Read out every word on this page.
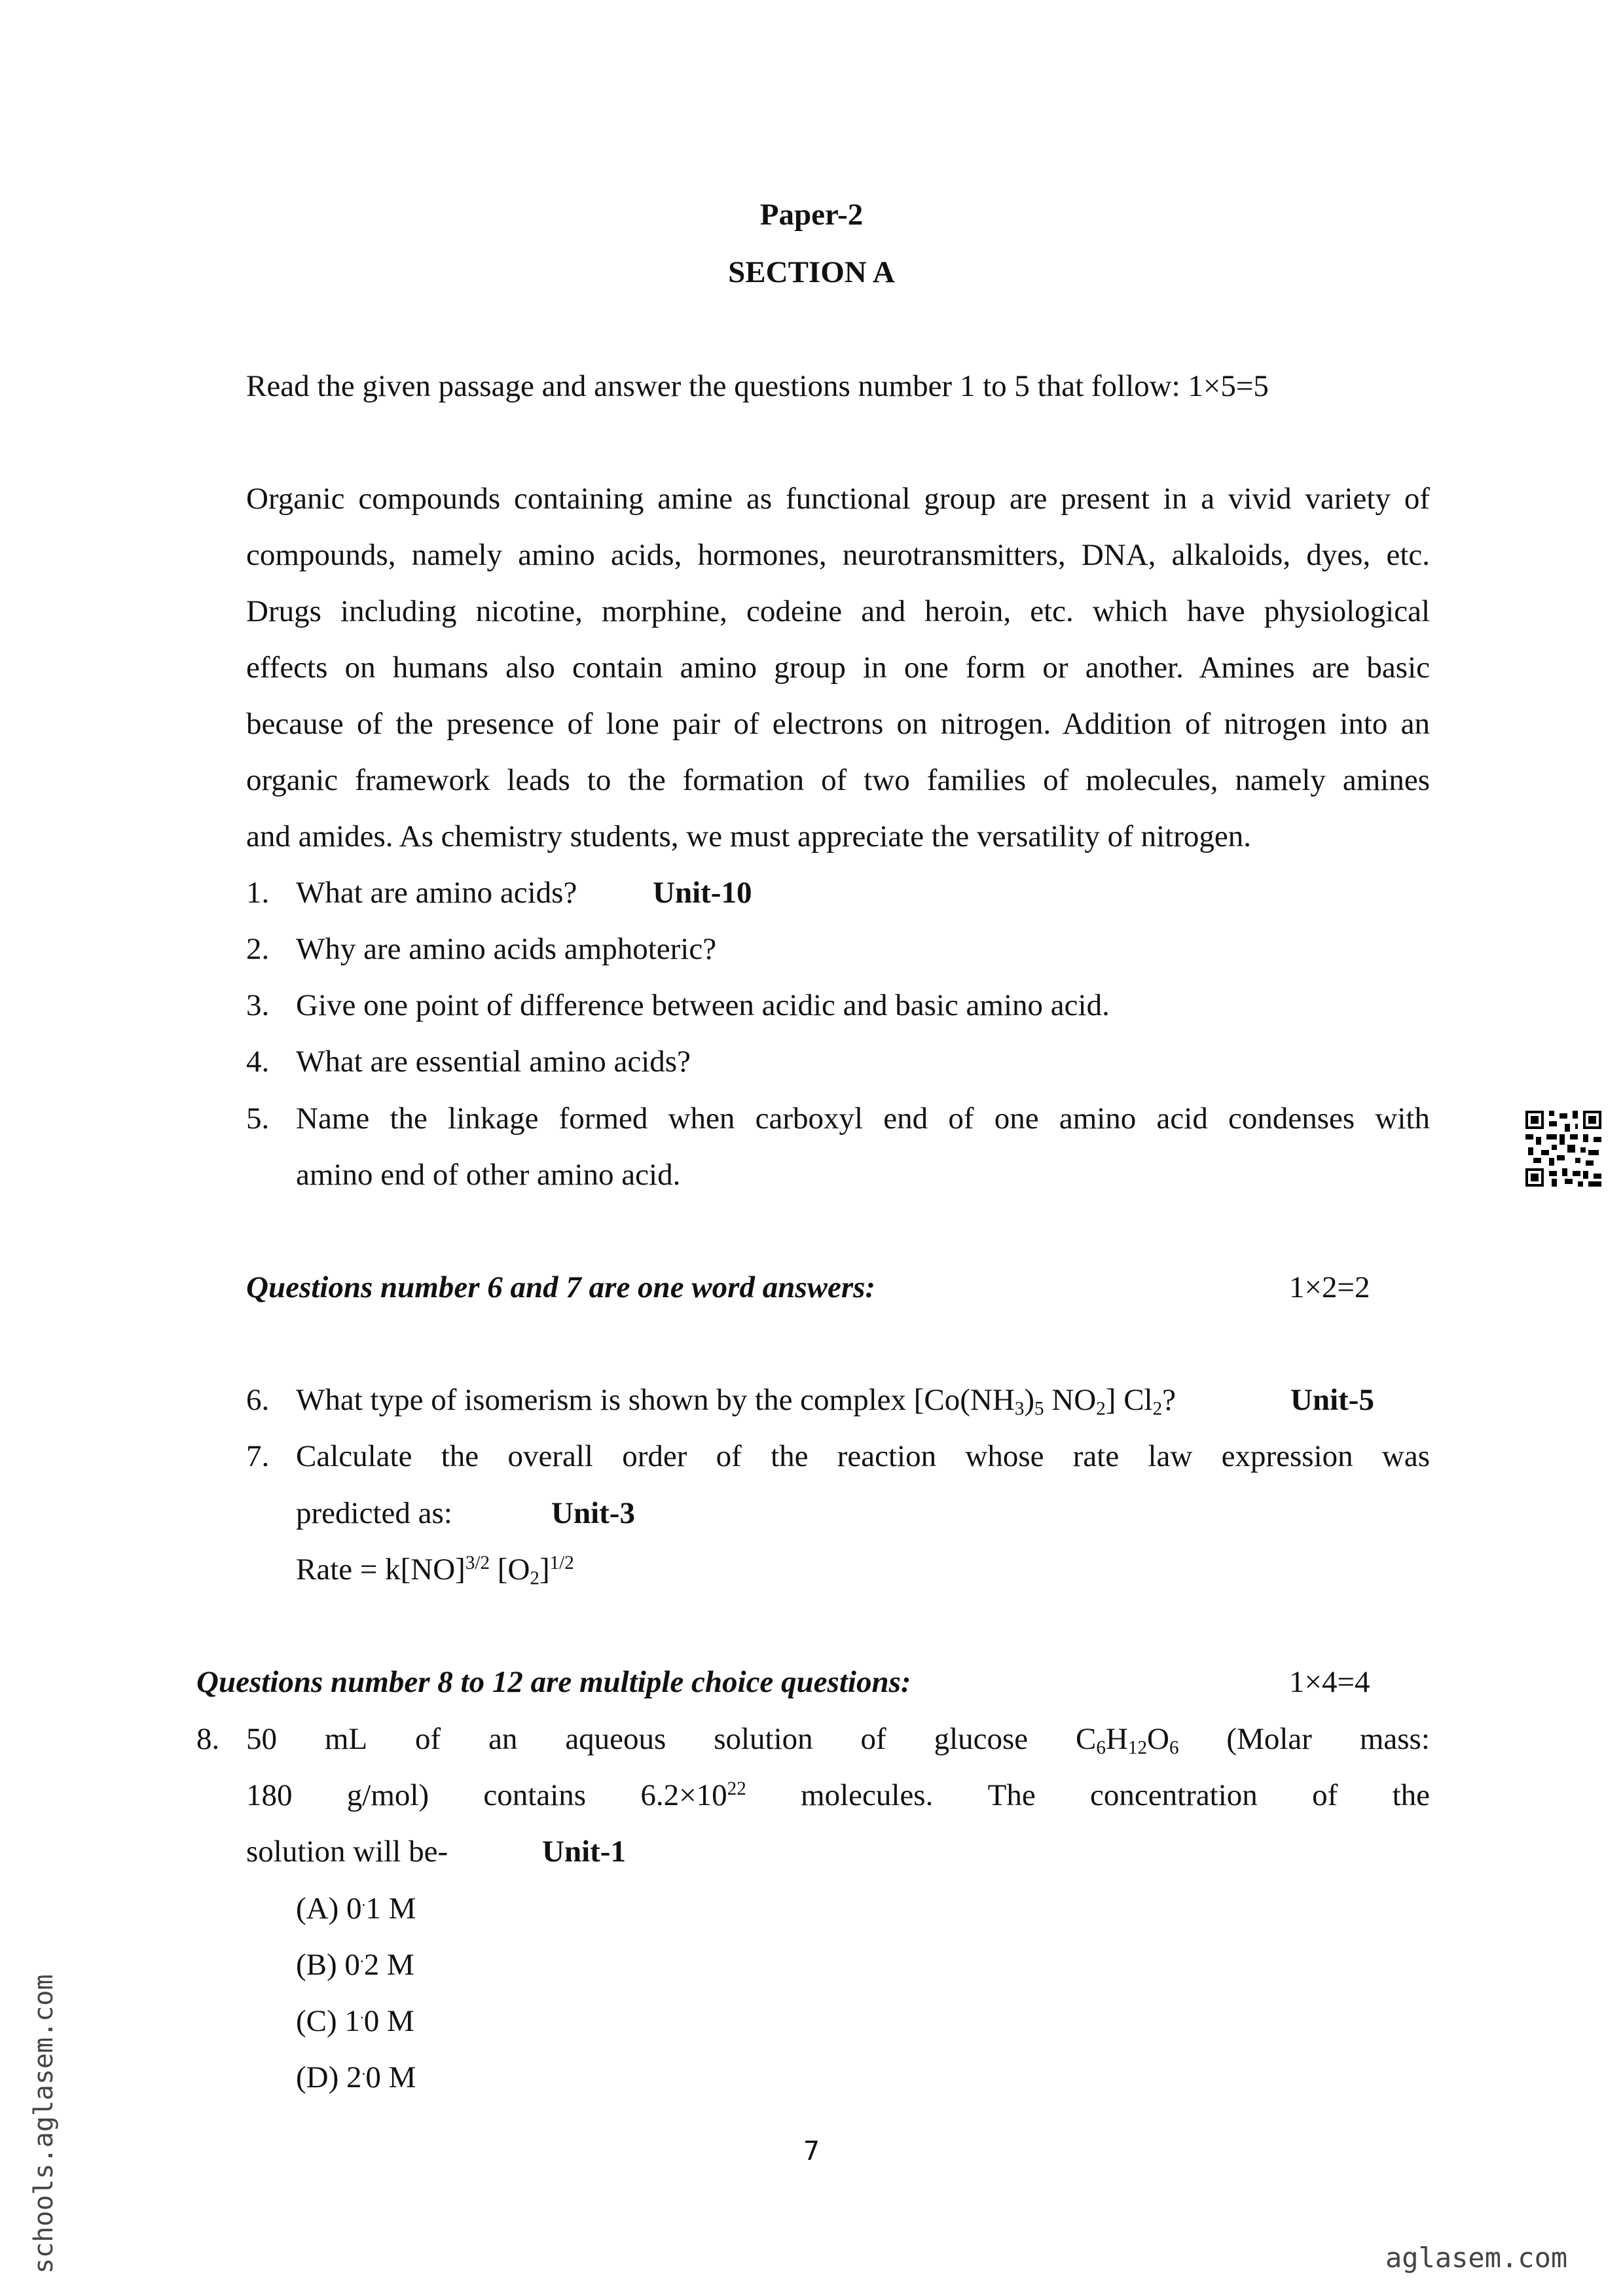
Paper-2
SECTION A
Read the given passage and answer the questions number 1 to 5 that follow: 1×5=5
Organic compounds containing amine as functional group are present in a vivid variety of
compounds, namely amino acids, hormones, neurotransmitters, DNA, alkaloids, dyes, etc.
Drugs including nicotine, morphine, codeine and heroin, etc. which have physiological
effects on humans also contain amino group in one form or another. Amines are basic
because of the presence of lone pair of electrons on nitrogen. Addition of nitrogen into an
organic framework leads to the formation of two families of molecules, namely amines
and amides. As chemistry students, we must appreciate the versatility of nitrogen.
1. What are amino acids? Unit-10
2. Why are amino acids amphoteric?
3. Give one point of difference between acidic and basic amino acid.
4. What are essential amino acids?
5. Name the linkage formed when carboxyl end of one amino acid condenses with
amino end of other amino acid.
Questions number 6 and 7 are one word answers:	1×2=2
6. What type of isomerism is shown by the complex [$Co(NH_3)_5$ $NO_2$] $Cl_2$?	Unit-5
7. Calculate the overall order of the reaction whose rate law expression was
predicted as:	Unit-3
Rate = k[NO]$^{3/2}$ $[O_2]^{1/2}$
Questions number 8 to 12 are multiple choice questions:	1×4=4
8. 50 mL of an aqueous solution of glucose $C_6H_{12}O_6$ (Molar mass:
180 g/mol) contains $6.2\times 10^{22}$ molecules. The concentration of the
solution will be-	Unit-1
(A) 0.1 M
(B) 0.2 M
(C) 1.0 M
(D) 2.0 M
7
schools.aglasem.com	aglasem.com
